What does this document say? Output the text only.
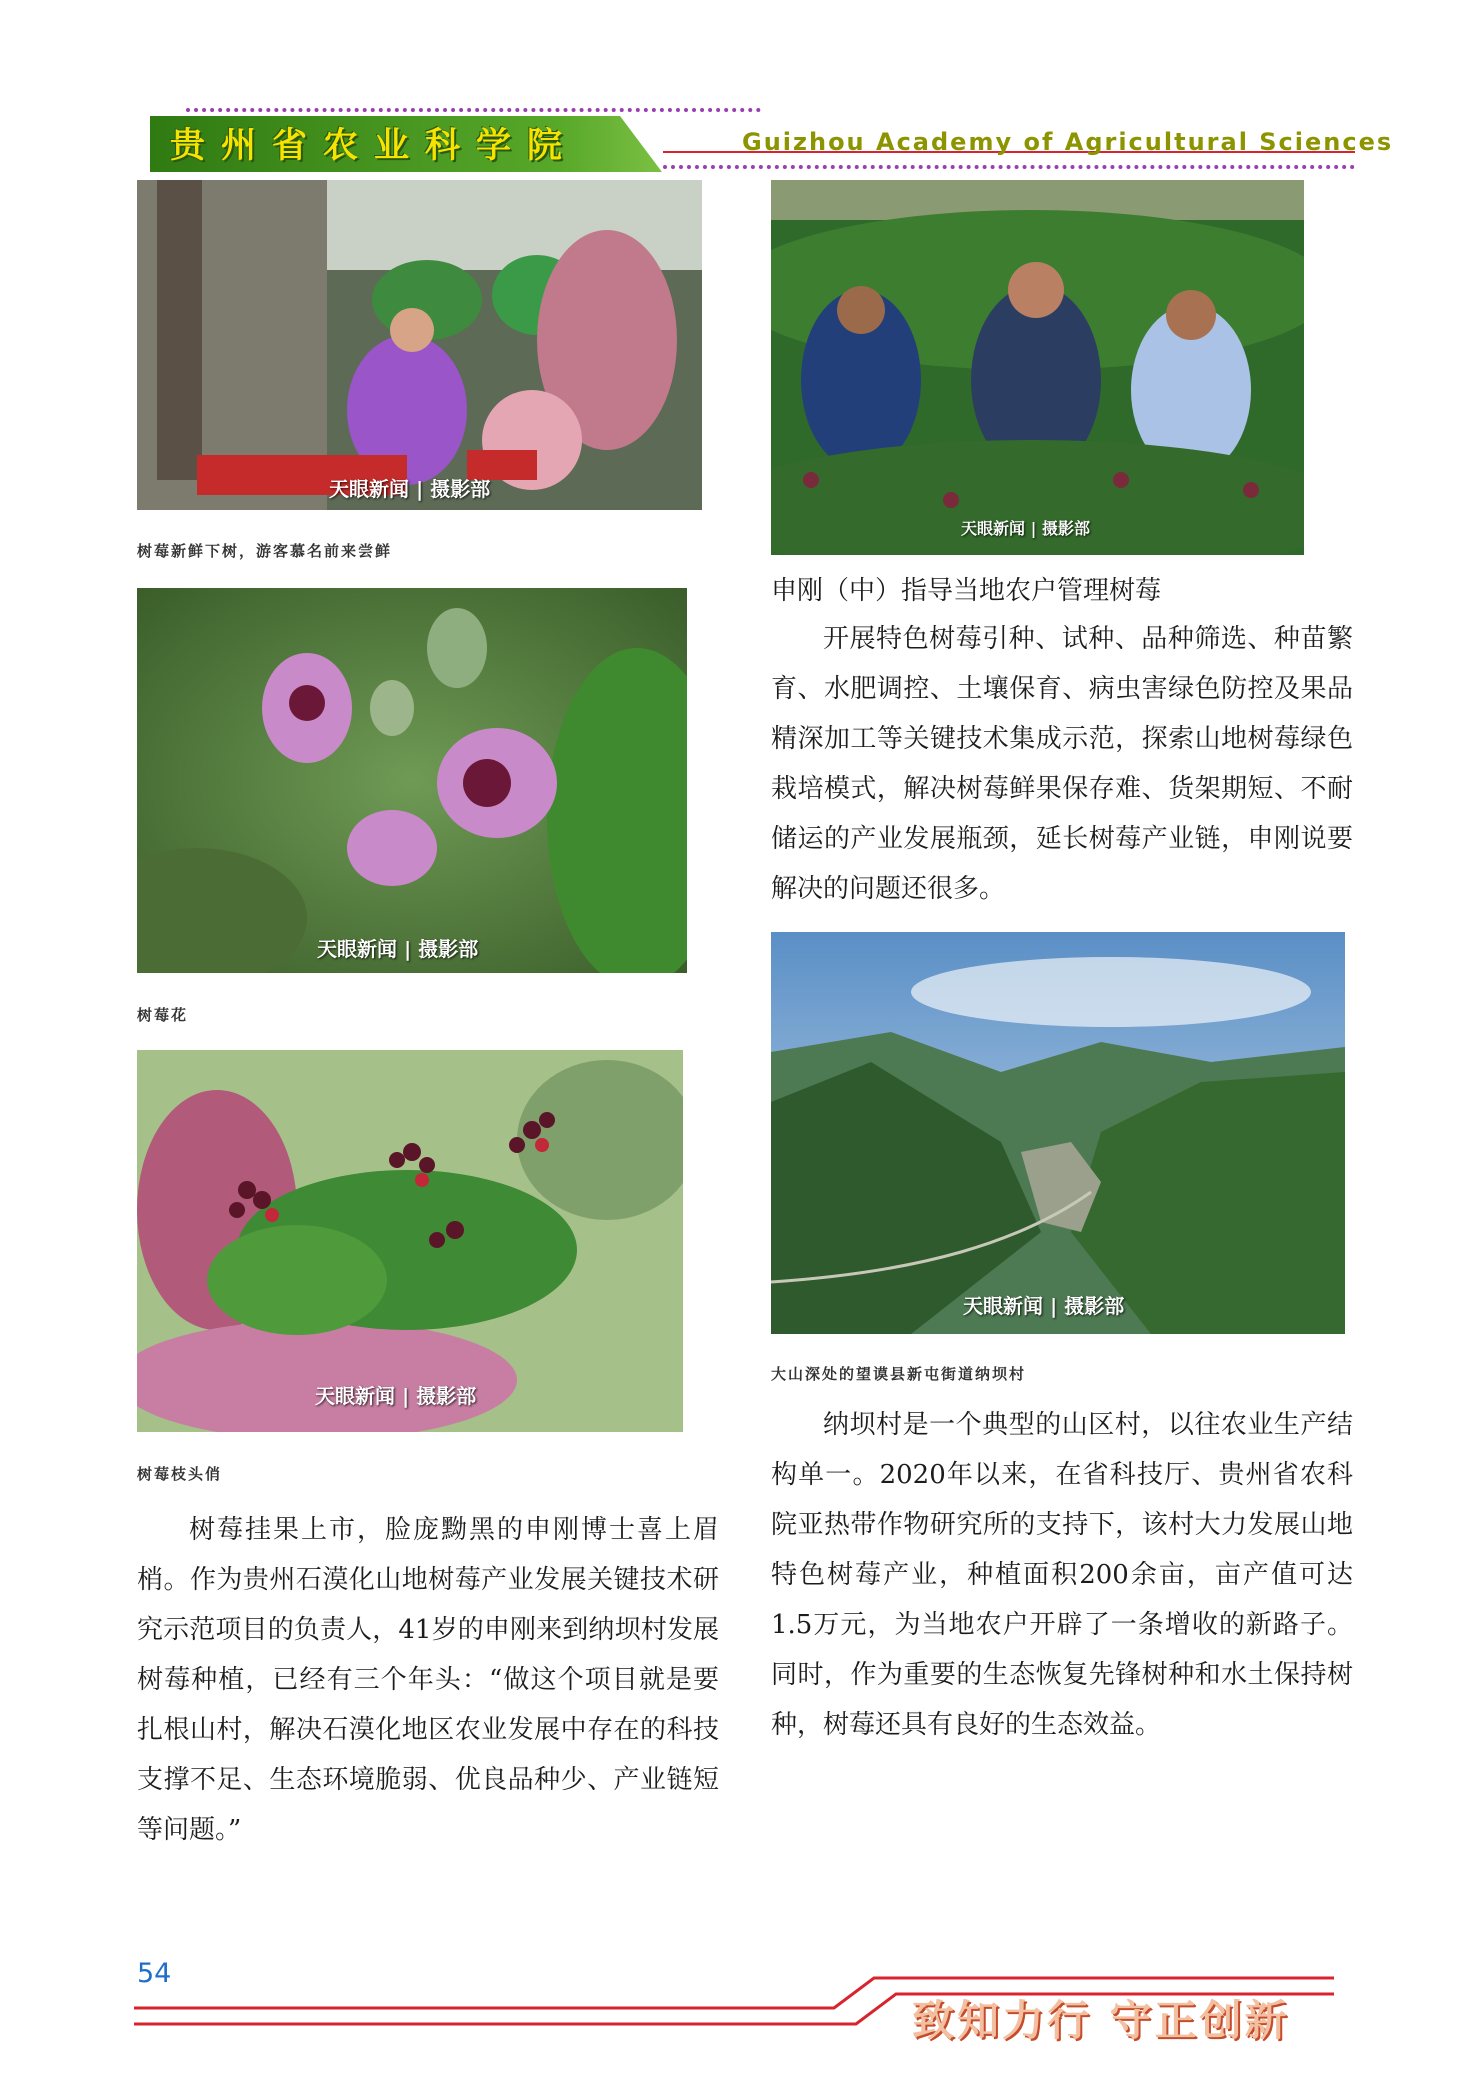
贵州省农业科学院	Guizhou Academy of Agricultural Sciences
天眼新闻 | 摄影部
树莓新鲜下树，游客慕名前来尝鲜
天眼新闻 | 摄影部
树莓花
天眼新闻 | 摄影部
树莓枝头俏
树莓挂果上市，脸庞黝黑的申刚博士喜上眉梢。作为贵州石漠化山地树莓产业发展关键技术研究示范项目的负责人，41岁的申刚来到纳坝村发展树莓种植，已经有三个年头：“做这个项目就是要扎根山村，解决石漠化地区农业发展中存在的科技支撑不足、生态环境脆弱、优良品种少、产业链短等问题。”
天眼新闻 | 摄影部
申刚（中）指导当地农户管理树莓
开展特色树莓引种、试种、品种筛选、种苗繁育、水肥调控、土壤保育、病虫害绿色防控及果品精深加工等关键技术集成示范，探索山地树莓绿色栽培模式，解决树莓鲜果保存难、货架期短、不耐储运的产业发展瓶颈，延长树莓产业链，申刚说要解决的问题还很多。
天眼新闻 | 摄影部
大山深处的望谟县新屯街道纳坝村
纳坝村是一个典型的山区村，以往农业生产结构单一。2020年以来，在省科技厅、贵州省农科院亚热带作物研究所的支持下，该村大力发展山地特色树莓产业，种植面积200余亩，亩产值可达1.5万元，为当地农户开辟了一条增收的新路子。同时，作为重要的生态恢复先锋树种和水土保持树种，树莓还具有良好的生态效益。
54
致知力行 守正创新
